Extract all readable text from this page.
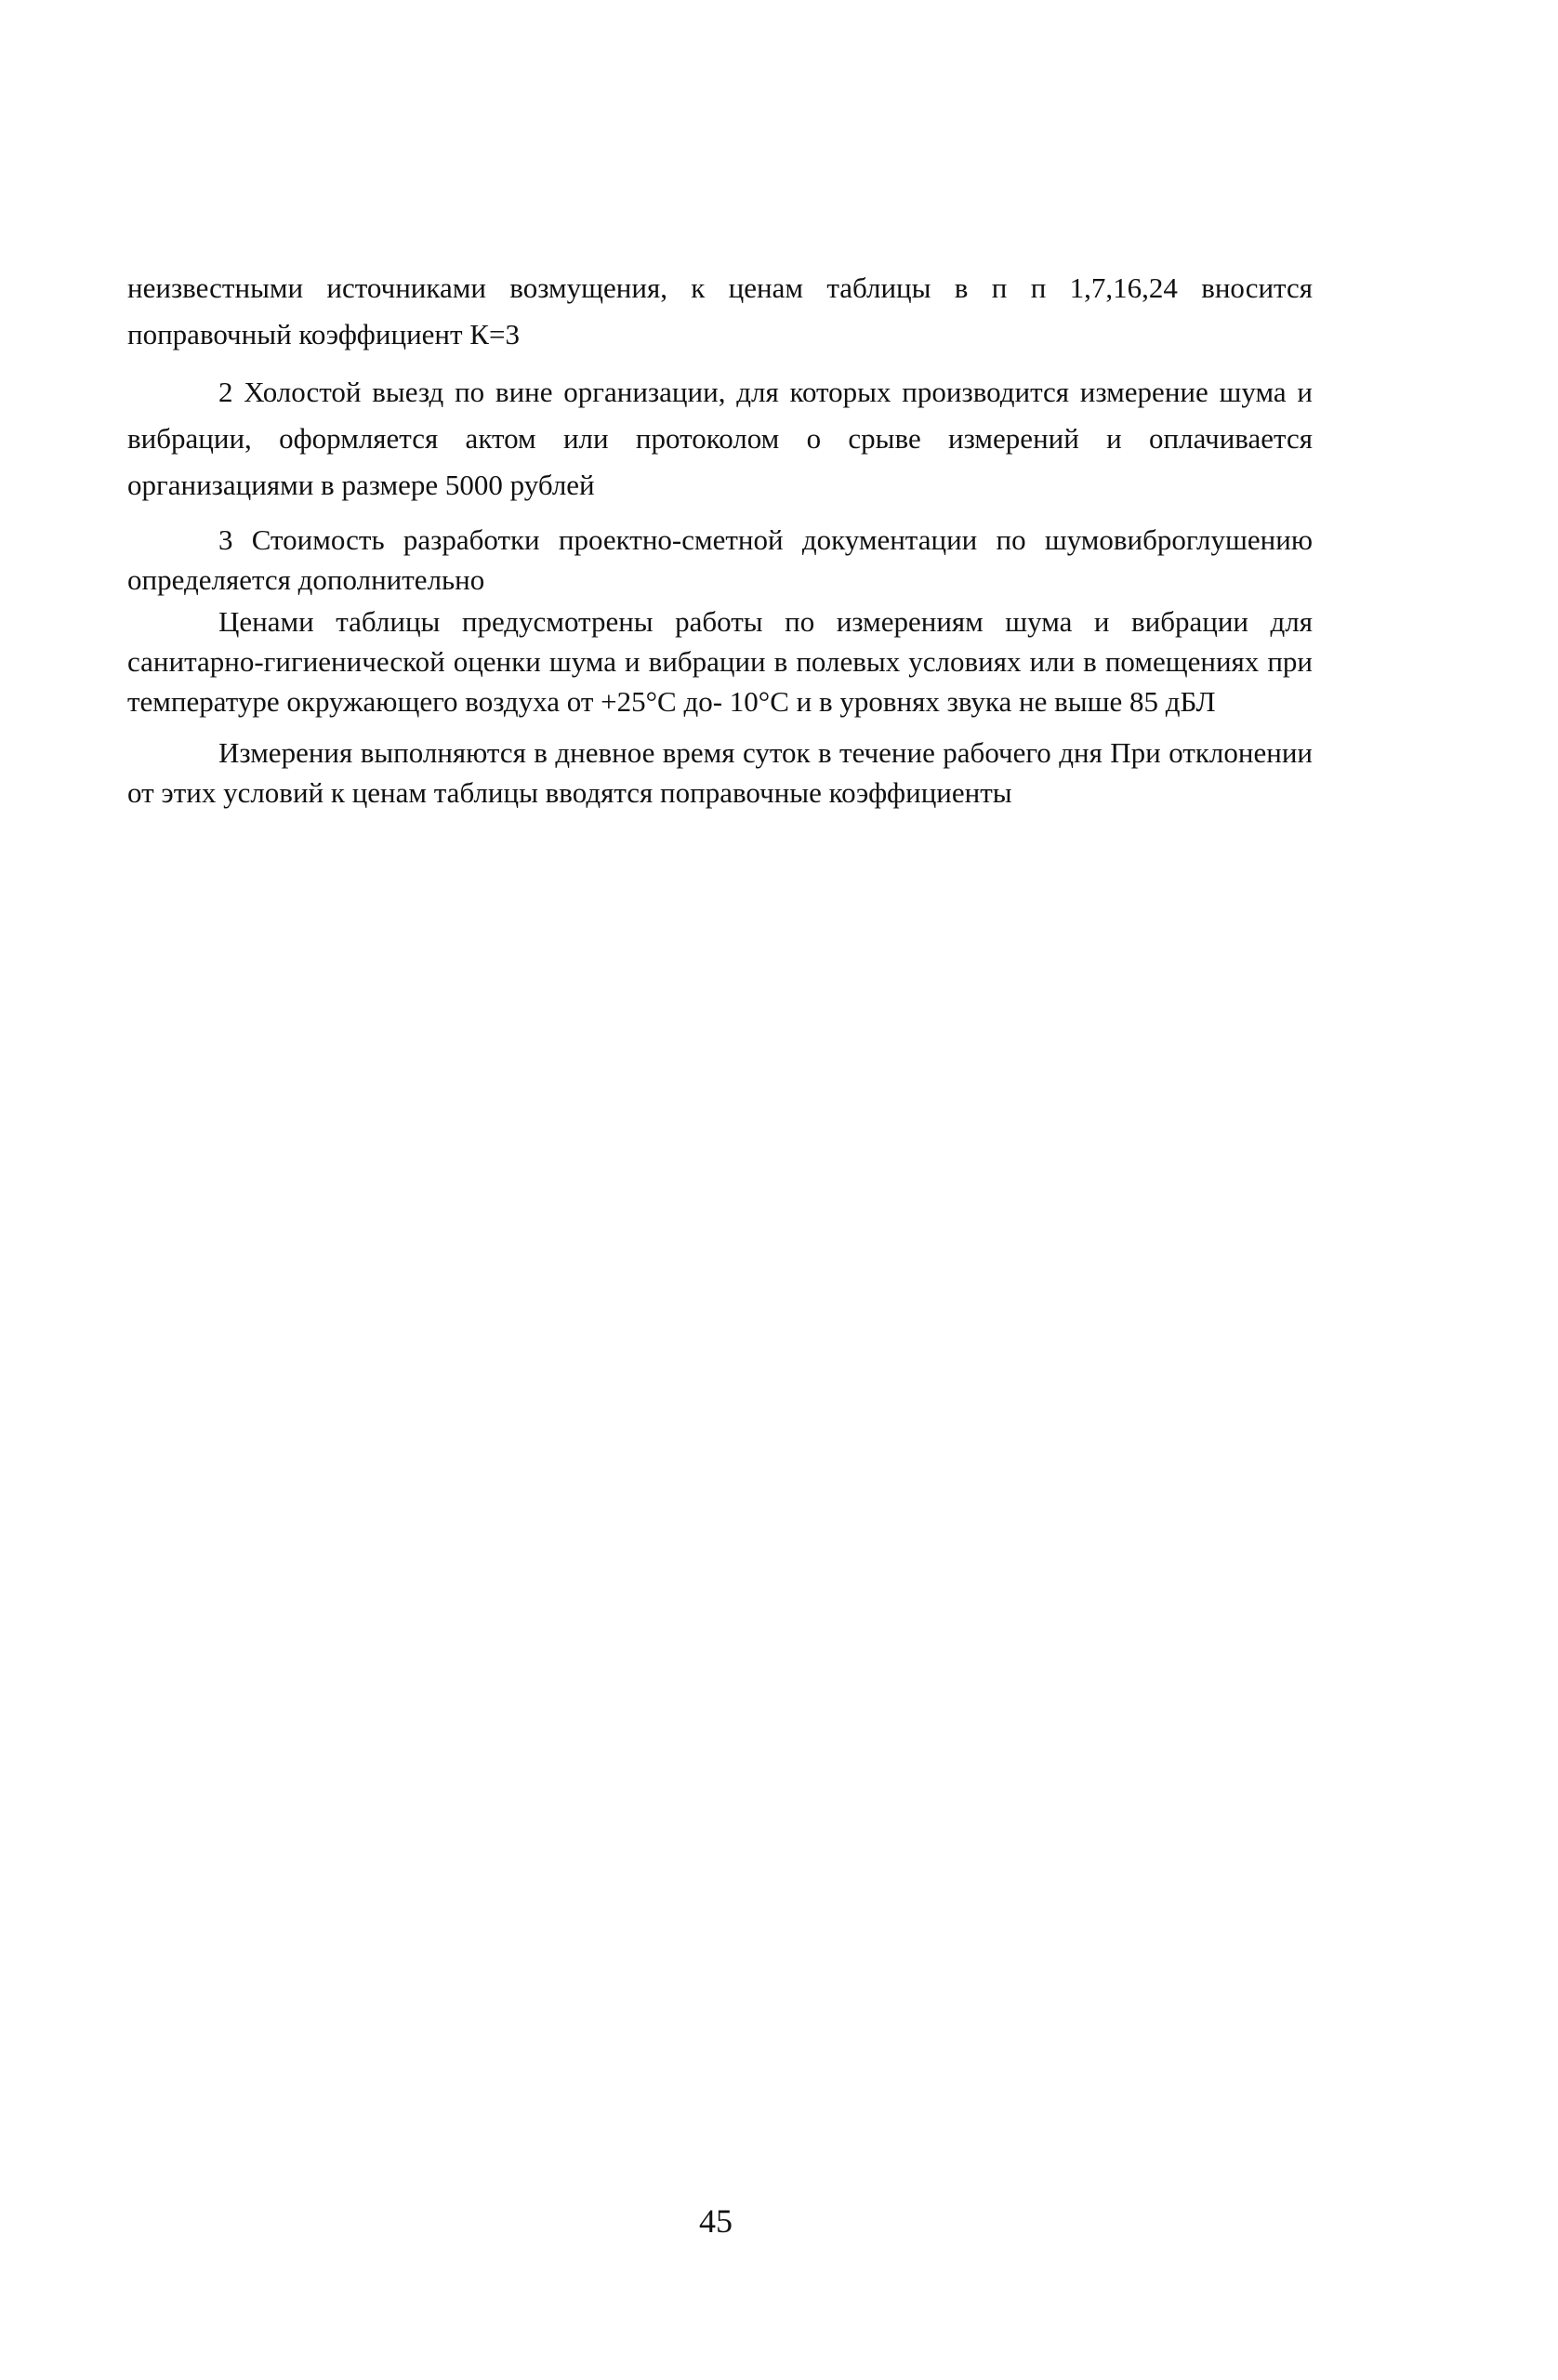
неизвестными источниками возмущения, к ценам таблицы в п п 1,7,16,24 вносится поправочный коэффициент К=3

2 Холостой выезд по вине организации, для которых производится измерение шума и вибрации, оформляется актом или протоколом о срыве измерений и оплачивается организациями в размере 5000 рублей

3 Стоимость разработки проектно-сметной документации по шумовиброглушению определяется дополнительно

Ценами таблицы предусмотрены работы по измерениям шума и вибрации для санитарно-гигиенической оценки шума и вибрации в полевых условиях или в помещениях при температуре окружающего воздуха от +25°С до- 10°С и в уровнях звука не выше 85 дБЛ

Измерения выполняются в дневное время суток в течение рабочего дня При отклонении от этих условий к ценам таблицы вводятся поправочные коэффициенты

45
